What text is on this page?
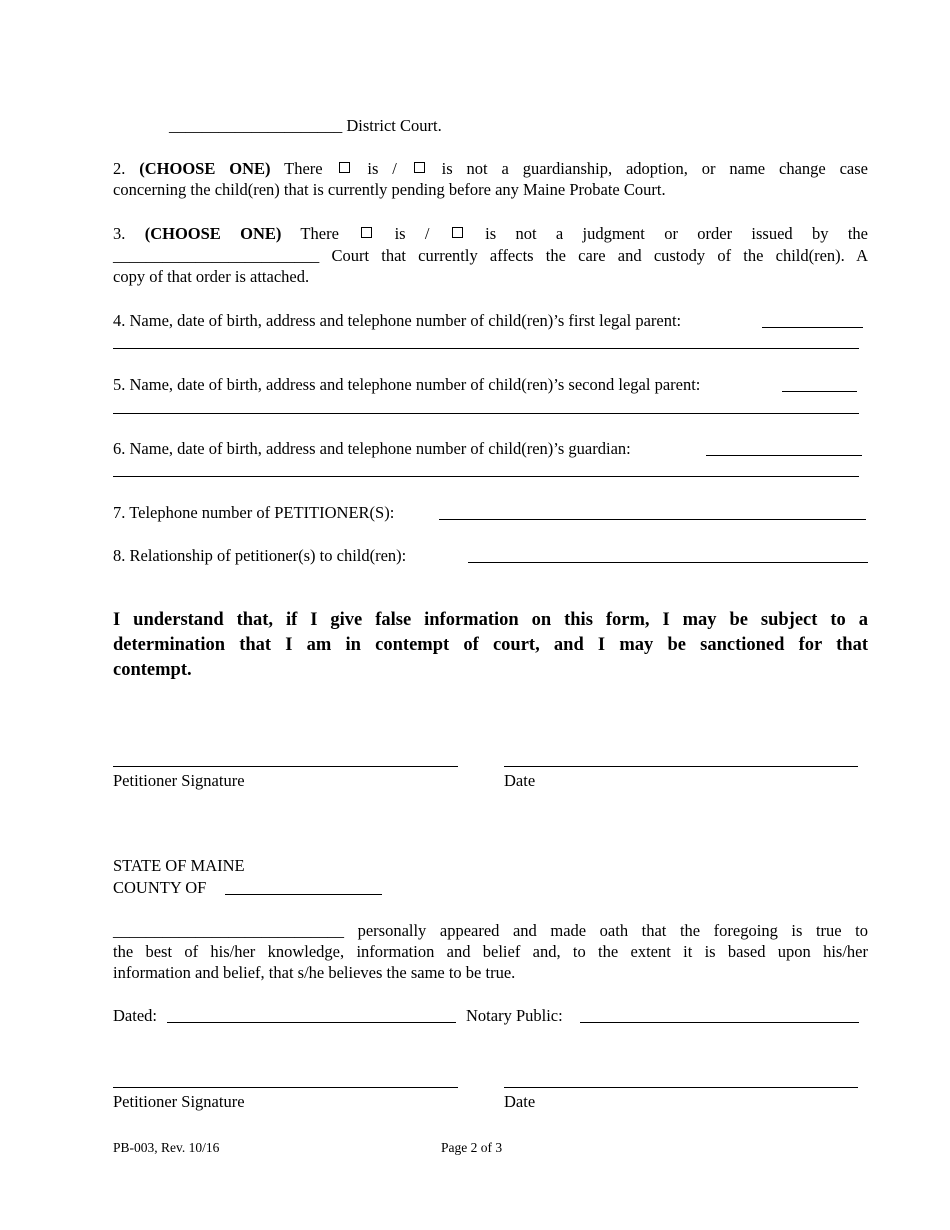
_____________________ District Court.
2. (CHOOSE ONE) There	is /	is not a guardianship, adoption, or name change case
concerning the child(ren) that is currently pending before any Maine Probate Court.
3. (CHOOSE ONE) There	is /	is not a judgment or order issued by the
_________________________ Court that currently affects the care and custody of the child(ren). A
copy of that order is attached.
4. Name, date of birth, address and telephone number of child(ren)’s first legal parent:
5. Name, date of birth, address and telephone number of child(ren)’s second legal parent:
6. Name, date of birth, address and telephone number of child(ren)’s guardian:
7. Telephone number of PETITIONER(S):
8. Relationship of petitioner(s) to child(ren):
I understand that, if I give false information on this form, I may be subject to a
determination that I am in contempt of court, and I may be sanctioned for that
contempt.
Petitioner Signature	Date
STATE OF MAINE
COUNTY OF
____________________________ personally appeared and made oath that the foregoing is true to
the best of his/her knowledge, information and belief and, to the extent it is based upon his/her
information and belief, that s/he believes the same to be true.
Dated:	Notary Public:
Petitioner Signature	Date
PB-003, Rev. 10/16	Page 2 of 3
